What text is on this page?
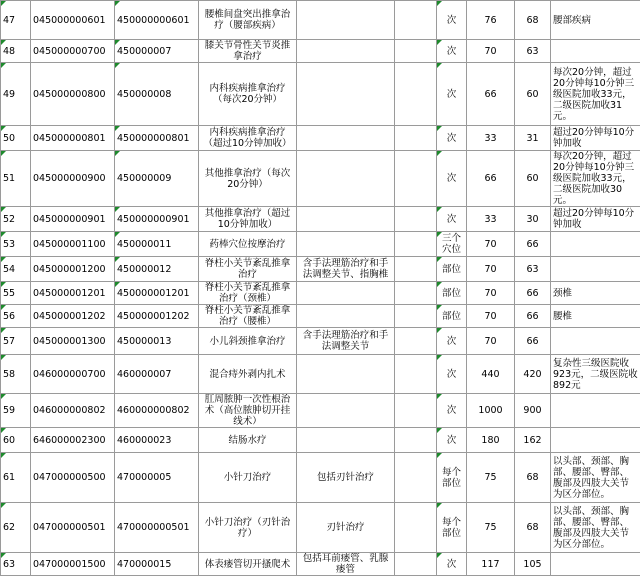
47	045000000601	450000000601	腰椎间盘突出推拿治疗（腰部疾病）			次	76	68	腰部疾病

48	045000000700	450000007	膝关节骨性关节炎推拿治疗			次	70	63	

49	045000000800	450000008	内科疾病推拿治疗（每次20分钟）			次	66	60	每次20分钟，超过20分钟每10分钟三级医院加收33元，二级医院加收31元。

50	045000000801	450000000801	内科疾病推拿治疗（超过10分钟加收）			次	33	31	超过20分钟每10分钟加收

51	045000000900	450000009	其他推拿治疗（每次20分钟）			次	66	60	每次20分钟，超过20分钟每10分钟三级医院加收33元，二级医院加收30元。

52	045000000901	450000000901	其他推拿治疗（超过10分钟加收）			次	33	30	超过20分钟每10分钟加收

53	045000001100	450000011	药棒穴位按摩治疗			三个穴位	70	66	

54	045000001200	450000012	脊柱小关节紊乱推拿治疗	含手法理筋治疗和手法调整关节、指胸椎		部位	70	63	

55	045000001201	450000001201	脊柱小关节紊乱推拿治疗（颈椎）			部位	70	66	颈椎

56	045000001202	450000001202	脊柱小关节紊乱推拿治疗（腰椎）			部位	70	66	腰椎

57	045000001300	450000013	小儿斜颈推拿治疗	含手法理筋治疗和手法调整关节		次	70	66	

58	046000000700	460000007	混合痔外剥内扎术			次	440	420	复杂性三级医院收923元，二级医院收892元

59	046000000802	460000000802	肛周脓肿一次性根治术（高位脓肿切开挂线术）			次	1000	900	

60	646000002300	460000023	结肠水疗			次	180	162	

61	047000000500	470000005	小针刀治疗	包括刃针治疗		每个部位	75	68	以头部、颈部、胸部、腰部、臀部、腹部及四肢大关节为区分部位。

62	047000000501	470000000501	小针刀治疗（刃针治疗）	刃针治疗		每个部位	75	68	以头部、颈部、胸部、腰部、臀部、腹部及四肢大关节为区分部位。

63	047000001500	470000015	体表瘘管切开搔爬术	包括耳前瘘管、乳腺瘘管		次	117	105	
